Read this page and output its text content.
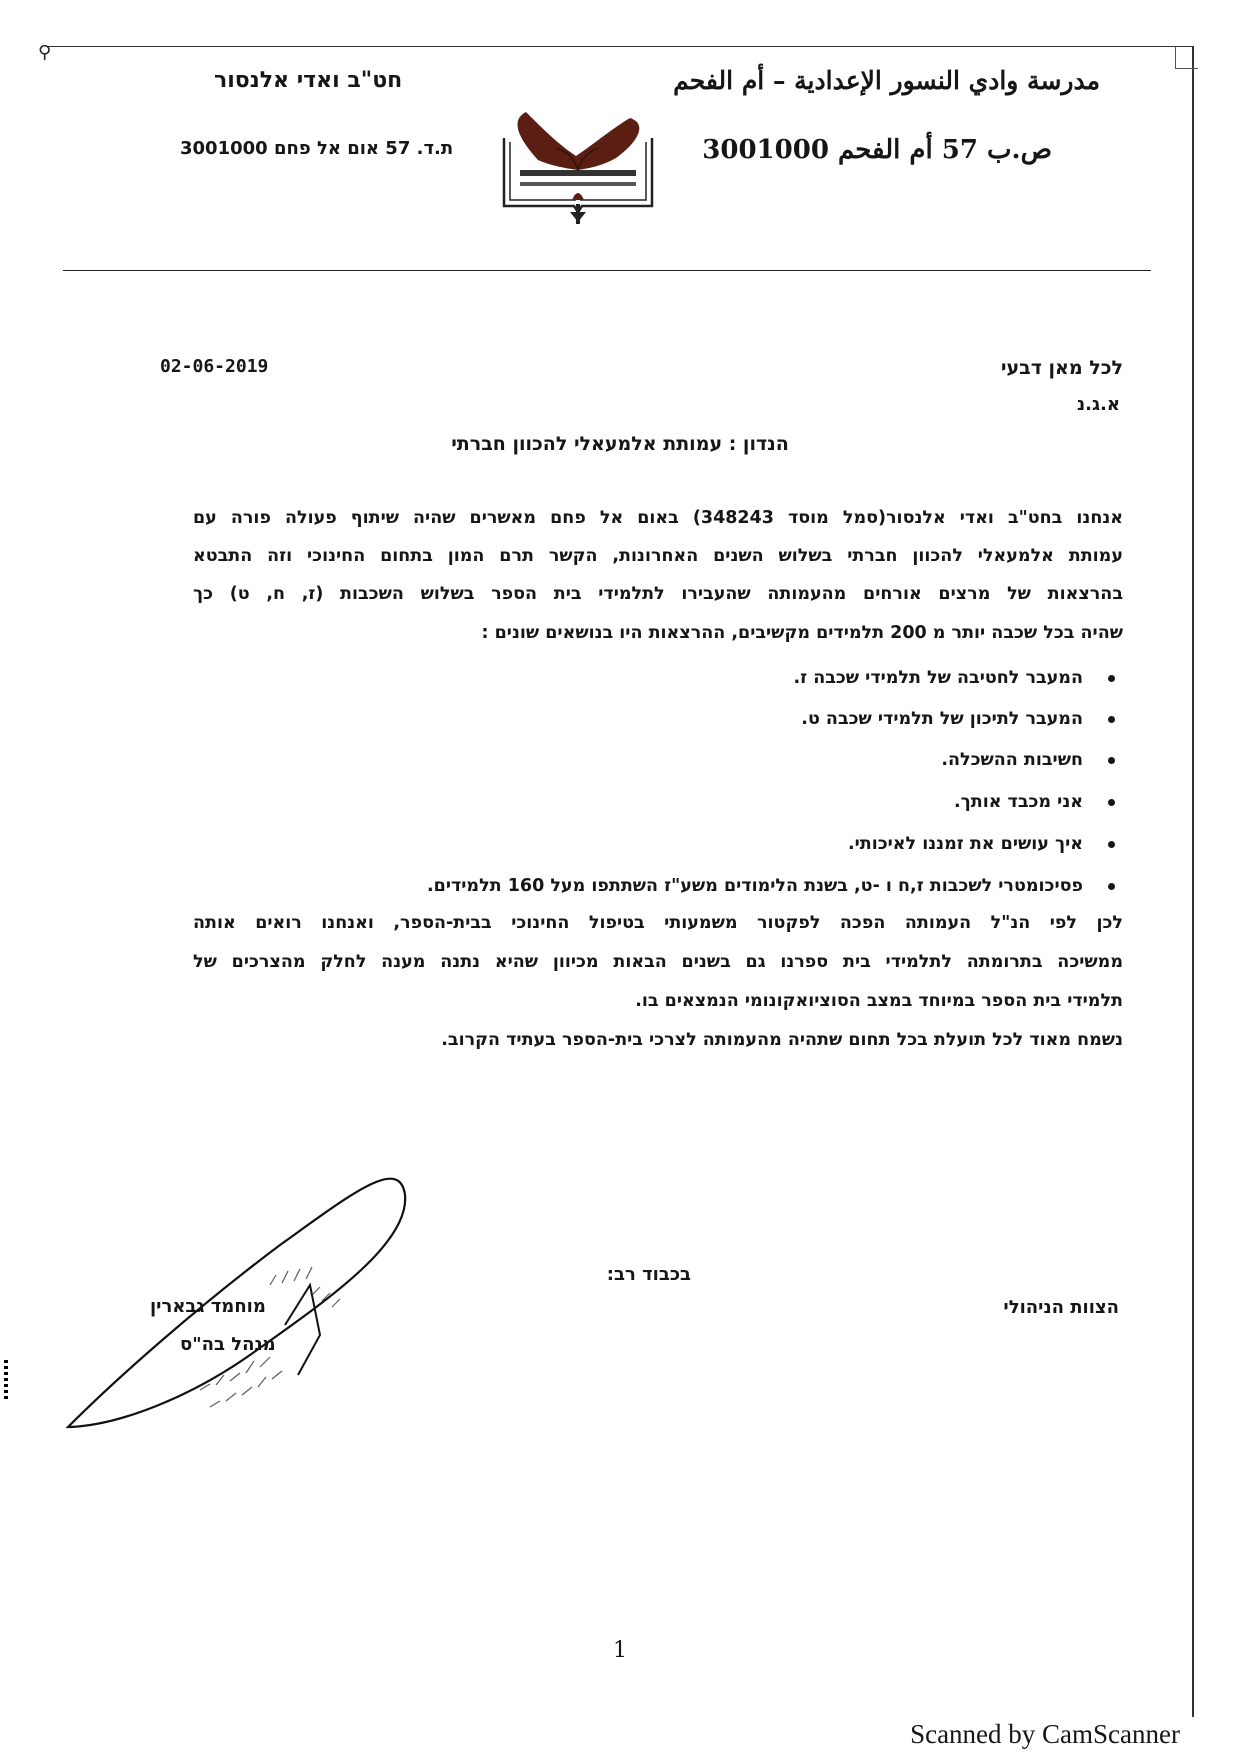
⚲
مدرسة وادي النسور الإعدادية – أم الفحم
ص.ب 57 أم الفحم 3001000
חט"ב ואדי אלנסור
ת.ד. 57 אום אל פחם 3001000
לכל מאן דבעי
א.ג.נ
02-06-2019
הנדון : עמותת אלמעאלי להכוון חברתי
אנחנו בחט"ב ואדי אלנסור(סמל מוסד 348243) באום אל פחם מאשרים שהיה שיתוף פעולה פורה עם
עמותת אלמעאלי להכוון חברתי בשלוש השנים האחרונות, הקשר תרם המון בתחום החינוכי וזה התבטא
בהרצאות של מרצים אורחים מהעמותה שהעבירו לתלמידי בית הספר בשלוש השכבות (ז, ח, ט) כך
שהיה בכל שכבה יותר מ 200 תלמידים מקשיבים, ההרצאות היו בנושאים שונים :
המעבר לחטיבה של תלמידי שכבה ז.
המעבר לתיכון של תלמידי שכבה ט.
חשיבות ההשכלה.
אני מכבד אותך.
איך עושים את זמננו לאיכותי.
פסיכומטרי לשכבות ז,ח ו -ט, בשנת הלימודים משע"ז השתתפו מעל 160 תלמידים.
לכן לפי הנ"ל העמותה הפכה לפקטור משמעותי בטיפול החינוכי בבית-הספר, ואנחנו רואים אותה
ממשיכה בתרומתה לתלמידי בית ספרנו גם בשנים הבאות מכיוון שהיא נתנה מענה לחלק מהצרכים של
תלמידי בית הספר במיוחד במצב הסוציואקונומי הנמצאים בו.
נשמח מאוד לכל תועלת בכל תחום שתהיה מהעמותה לצרכי בית-הספר בעתיד הקרוב.
בכבוד רב:
הצוות הניהולי
מוחמד גבארין
מנהל בה"ס
1
Scanned by CamScanner
